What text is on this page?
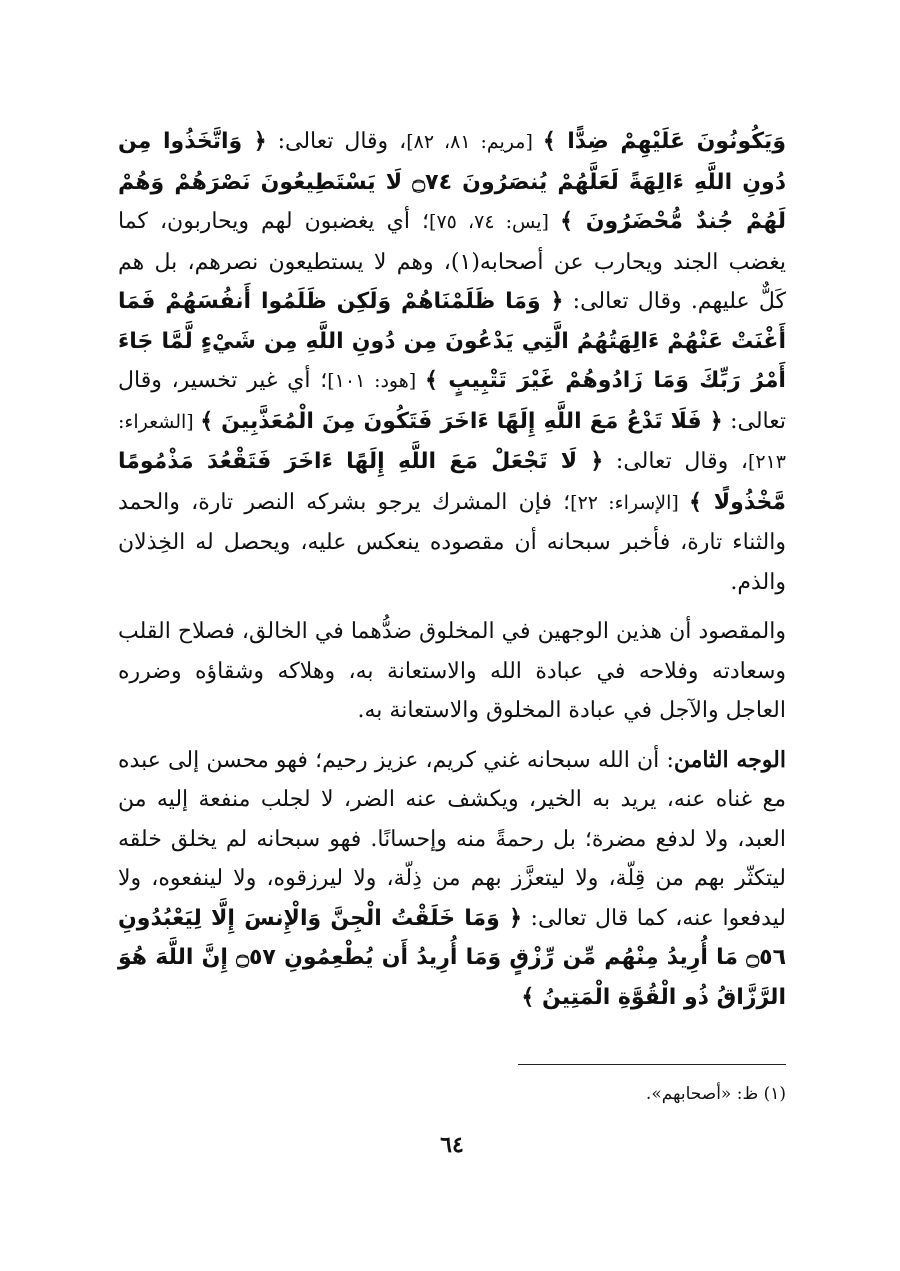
وَيَكُونُونَ عَلَيْهِمْ ضِدًّا ﴾ [مريم: ٨١، ٨٢]، وقال تعالى: ﴿ وَاتَّخَذُوا مِن دُونِ اللَّهِ ءَالِهَةً لَعَلَّهُمْ يُنصَرُونَ ۝٧٤ لَا يَسْتَطِيعُونَ نَصْرَهُمْ وَهُمْ لَهُمْ جُندٌ مُّحْضَرُونَ ﴾ [يس: ٧٤، ٧٥]؛ أي يغضبون لهم ويحاربون، كما يغضب الجند ويحارب عن أصحابه(١)، وهم لا يستطيعون نصرهم، بل هم كَلٌّ عليهم. وقال تعالى: ﴿ وَمَا ظَلَمْنَاهُمْ وَلَكِن ظَلَمُوا أَنفُسَهُمْ فَمَا أَغْنَتْ عَنْهُمْ ءَالِهَتُهُمُ الَّتِي يَدْعُونَ مِن دُونِ اللَّهِ مِن شَيْءٍ لَّمَّا جَاءَ أَمْرُ رَبِّكَ وَمَا زَادُوهُمْ غَيْرَ تَتْبِيبٍ ﴾ [هود: ١٠١]؛ أي غير تخسير، وقال تعالى: ﴿ فَلَا تَدْعُ مَعَ اللَّهِ إِلَهًا ءَاخَرَ فَتَكُونَ مِنَ الْمُعَذَّبِينَ ﴾ [الشعراء: ٢١٣]، وقال تعالى: ﴿ لَا تَجْعَلْ مَعَ اللَّهِ إِلَهًا ءَاخَرَ فَتَقْعُدَ مَذْمُومًا مَّخْذُولًا ﴾ [الإسراء: ٢٢]؛ فإن المشرك يرجو بشركه النصر تارة، والحمد والثناء تارة، فأخبر سبحانه أن مقصوده ينعكس عليه، ويحصل له الخِذلان والذم.

والمقصود أن هذين الوجهين في المخلوق ضدُّهما في الخالق، فصلاح القلب وسعادته وفلاحه في عبادة الله والاستعانة به، وهلاكه وشقاؤه وضرره العاجل والآجل في عبادة المخلوق والاستعانة به.

الوجه الثامن: أن الله سبحانه غني كريم، عزيز رحيم؛ فهو محسن إلى عبده مع غناه عنه، يريد به الخير، ويكشف عنه الضر، لا لجلب منفعة إليه من العبد، ولا لدفع مضرة؛ بل رحمةً منه وإحسانًا. فهو سبحانه لم يخلق خلقه ليتكثّر بهم من قِلّة، ولا ليتعزَّز بهم من ذِلّة، ولا ليرزقوه، ولا لينفعوه، ولا ليدفعوا عنه، كما قال تعالى: ﴿ وَمَا خَلَقْتُ الْجِنَّ وَالْإِنسَ إِلَّا لِيَعْبُدُونِ ۝٥٦ مَا أُرِيدُ مِنْهُم مِّن رِّزْقٍ وَمَا أُرِيدُ أَن يُطْعِمُونِ ۝٥٧ إِنَّ اللَّهَ هُوَ الرَّزَّاقُ ذُو الْقُوَّةِ الْمَتِينُ ﴾

(١) ظ: «أصحابهم».

٦٤
